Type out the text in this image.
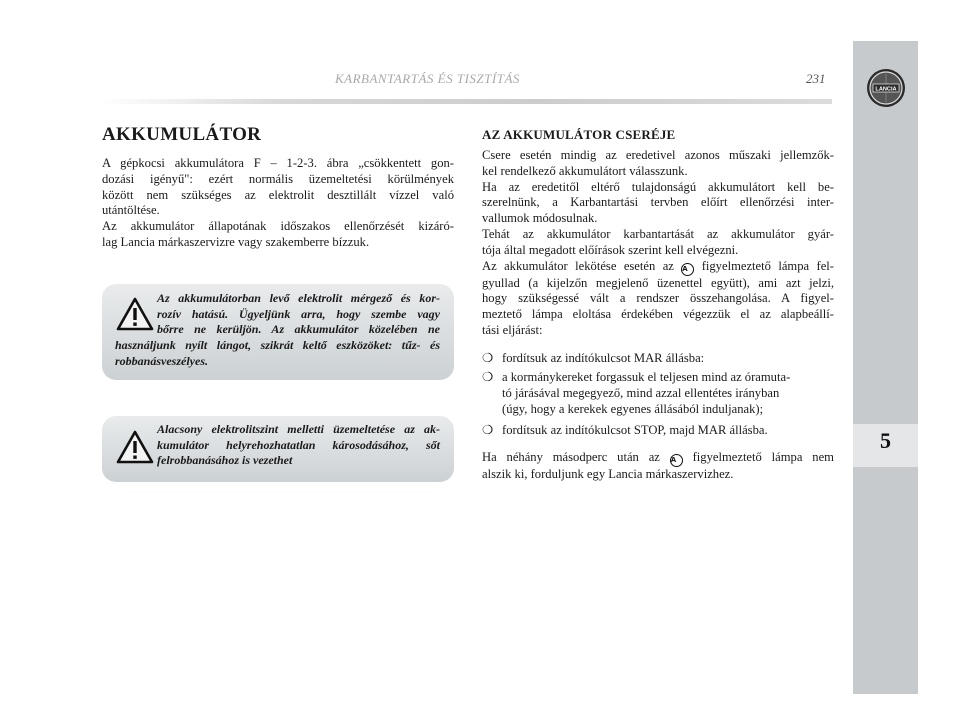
KARBANTARTÁS ÉS TISZTÍTÁS	231
5
LANCIA
AKKUMULÁTOR
A gépkocsi akkumulátora F – 1-2-3. ábra „csökkentett gon-
dozási igényű": ezért normális üzemeltetési körülmények
között nem szükséges az elektrolit desztillált vízzel való
utántöltése.
Az akkumulátor állapotának időszakos ellenőrzését kizáró-
lag Lancia márkaszervizre vagy szakemberre bízzuk.
Az akkumulátorban levő elektrolit mérgező és kor-
rozív hatású. Ügyeljünk arra, hogy szembe vagy
bőrre ne kerüljön. Az akkumulátor közelében ne
használjunk nyílt lángot, szikrát keltő eszközöket: tűz- és
robbanásveszélyes.
Alacsony elektrolitszint melletti üzemeltetése az ak-
kumulátor helyrehozhatatlan károsodásához, sőt
felrobbanásához is vezethet
AZ AKKUMULÁTOR CSERÉJE
Csere esetén mindig az eredetivel azonos műszaki jellemzők-
kel rendelkező akkumulátort válasszunk.
Ha az eredetitől eltérő tulajdonságú akkumulátort kell be-
szerelnünk, a Karbantartási tervben előírt ellenőrzési inter-
vallumok módosulnak.
Tehát az akkumulátor karbantartását az akkumulátor gyár-
tója által megadott előírások szerint kell elvégezni.
Az akkumulátor lekötése esetén az A figyelmeztető lámpa fel-
gyullad (a kijelzőn megjelenő üzenettel együtt), ami azt jelzi,
hogy szükségessé vált a rendszer összehangolása. A figyel-
meztető lámpa eloltása érdekében végezzük el az alapbeállí-
tási eljárást:
❍ fordítsuk az indítókulcsot MAR állásba:
❍ a kormánykereket forgassuk el teljesen mind az óramuta-
tó járásával megegyező, mind azzal ellentétes irányban
(úgy, hogy a kerekek egyenes állásából induljanak);
❍ fordítsuk az indítókulcsot STOP, majd MAR állásba.
Ha néhány másodperc után az A figyelmeztető lámpa nem
alszik ki, forduljunk egy Lancia márkaszervizhez.
